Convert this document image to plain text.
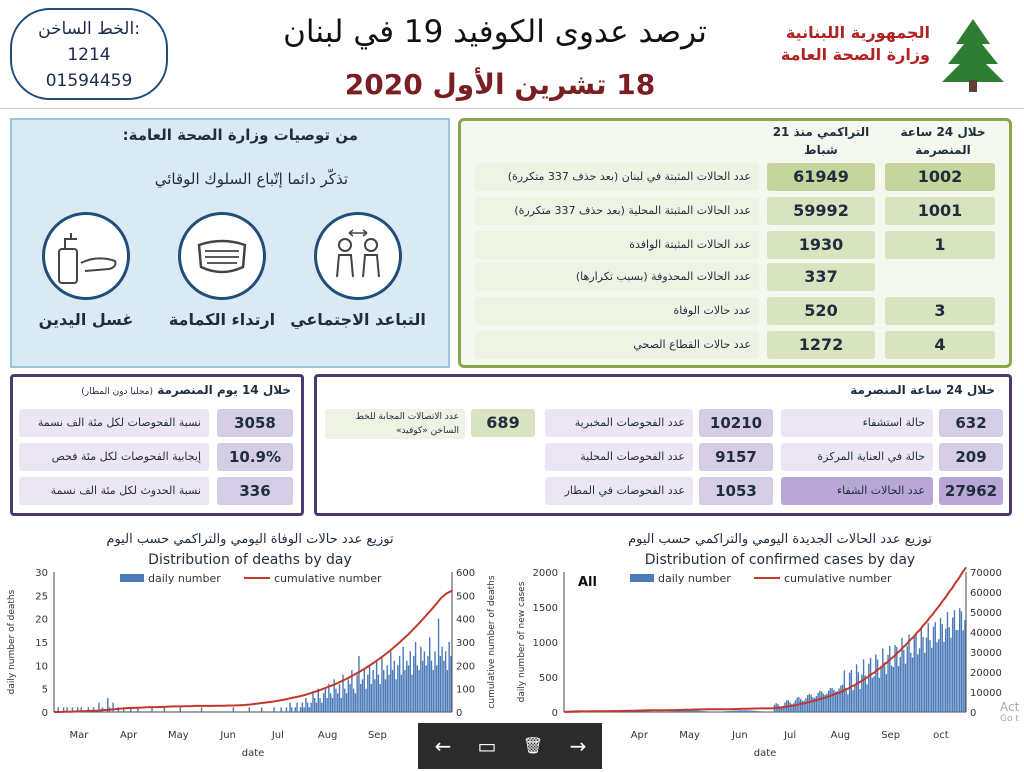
الخط الساخن:
1214
01594459
ترصد عدوى الكوفيد 19 في لبنان
18 تشرين الأول 2020
الجمهورية اللبنانية
وزارة الصحة العامة
من توصيات وزارة الصحة العامة:
تذكّر دائما إتّباع السلوك الوقائي
التباعد الاجتماعي
ارتداء الكمامة
غسل اليدين
خلال 24 ساعة المنصرمة
التراكمي منذ 21 شباط
عدد الحالات المثبتة في لبنان (بعد حذف 337 متكررة)	61949	1002
عدد الحالات المثبتة المحلية (بعد حذف 337 متكررة)	59992	1001
عدد الحالات المثبتة الوافدة	1930	1
عدد الحالات المحذوفة (بسبب تكرارها)	337
عدد حالات الوفاة	520	3
عدد حالات القطاع الصحي	1272	4
خلال 14 يوم المنصرمة (محليا دون المطار)
نسبة الفحوصات لكل مئة الف نسمة	3058
إيجابية الفحوصات لكل مئة فحص	10.9%
نسبة الحدوث لكل مئة الف نسمة	336
خلال 24 ساعة المنصرمة
حالة استشفاء	632
حالة في العناية المركزة	209
عدد الحالات الشفاء	27962
عدد الفحوصات المخبرية	10210
عدد الفحوصات المحلية	9157
عدد الفحوصات في المطار	1053
عدد الاتصالات المجابة للخط الساخن «كوفيد»	689
توزيع عدد حالات الوفاة اليومي والتراكمي حسب اليوم
Distribution of deaths by day
daily number	cumulative number
0
5
10
15
20
25
30
0
100
200
300
400
500
600
Mar	Apr	May	Jun	Jul	Aug	Sep
date
daily number of deaths	cumulative number of deaths
توزيع عدد الحالات الجديدة اليومي والتراكمي حسب اليوم
Distribution of confirmed cases by day
daily number	cumulative number
All
0
500
1000
1500
2000
0
10000
20000
30000
40000
50000
60000
70000
Apr	May	Jun	Jul	Aug	Sep	oct
date
daily number of new cases
Act
Go t
←	▭	🗑	→
